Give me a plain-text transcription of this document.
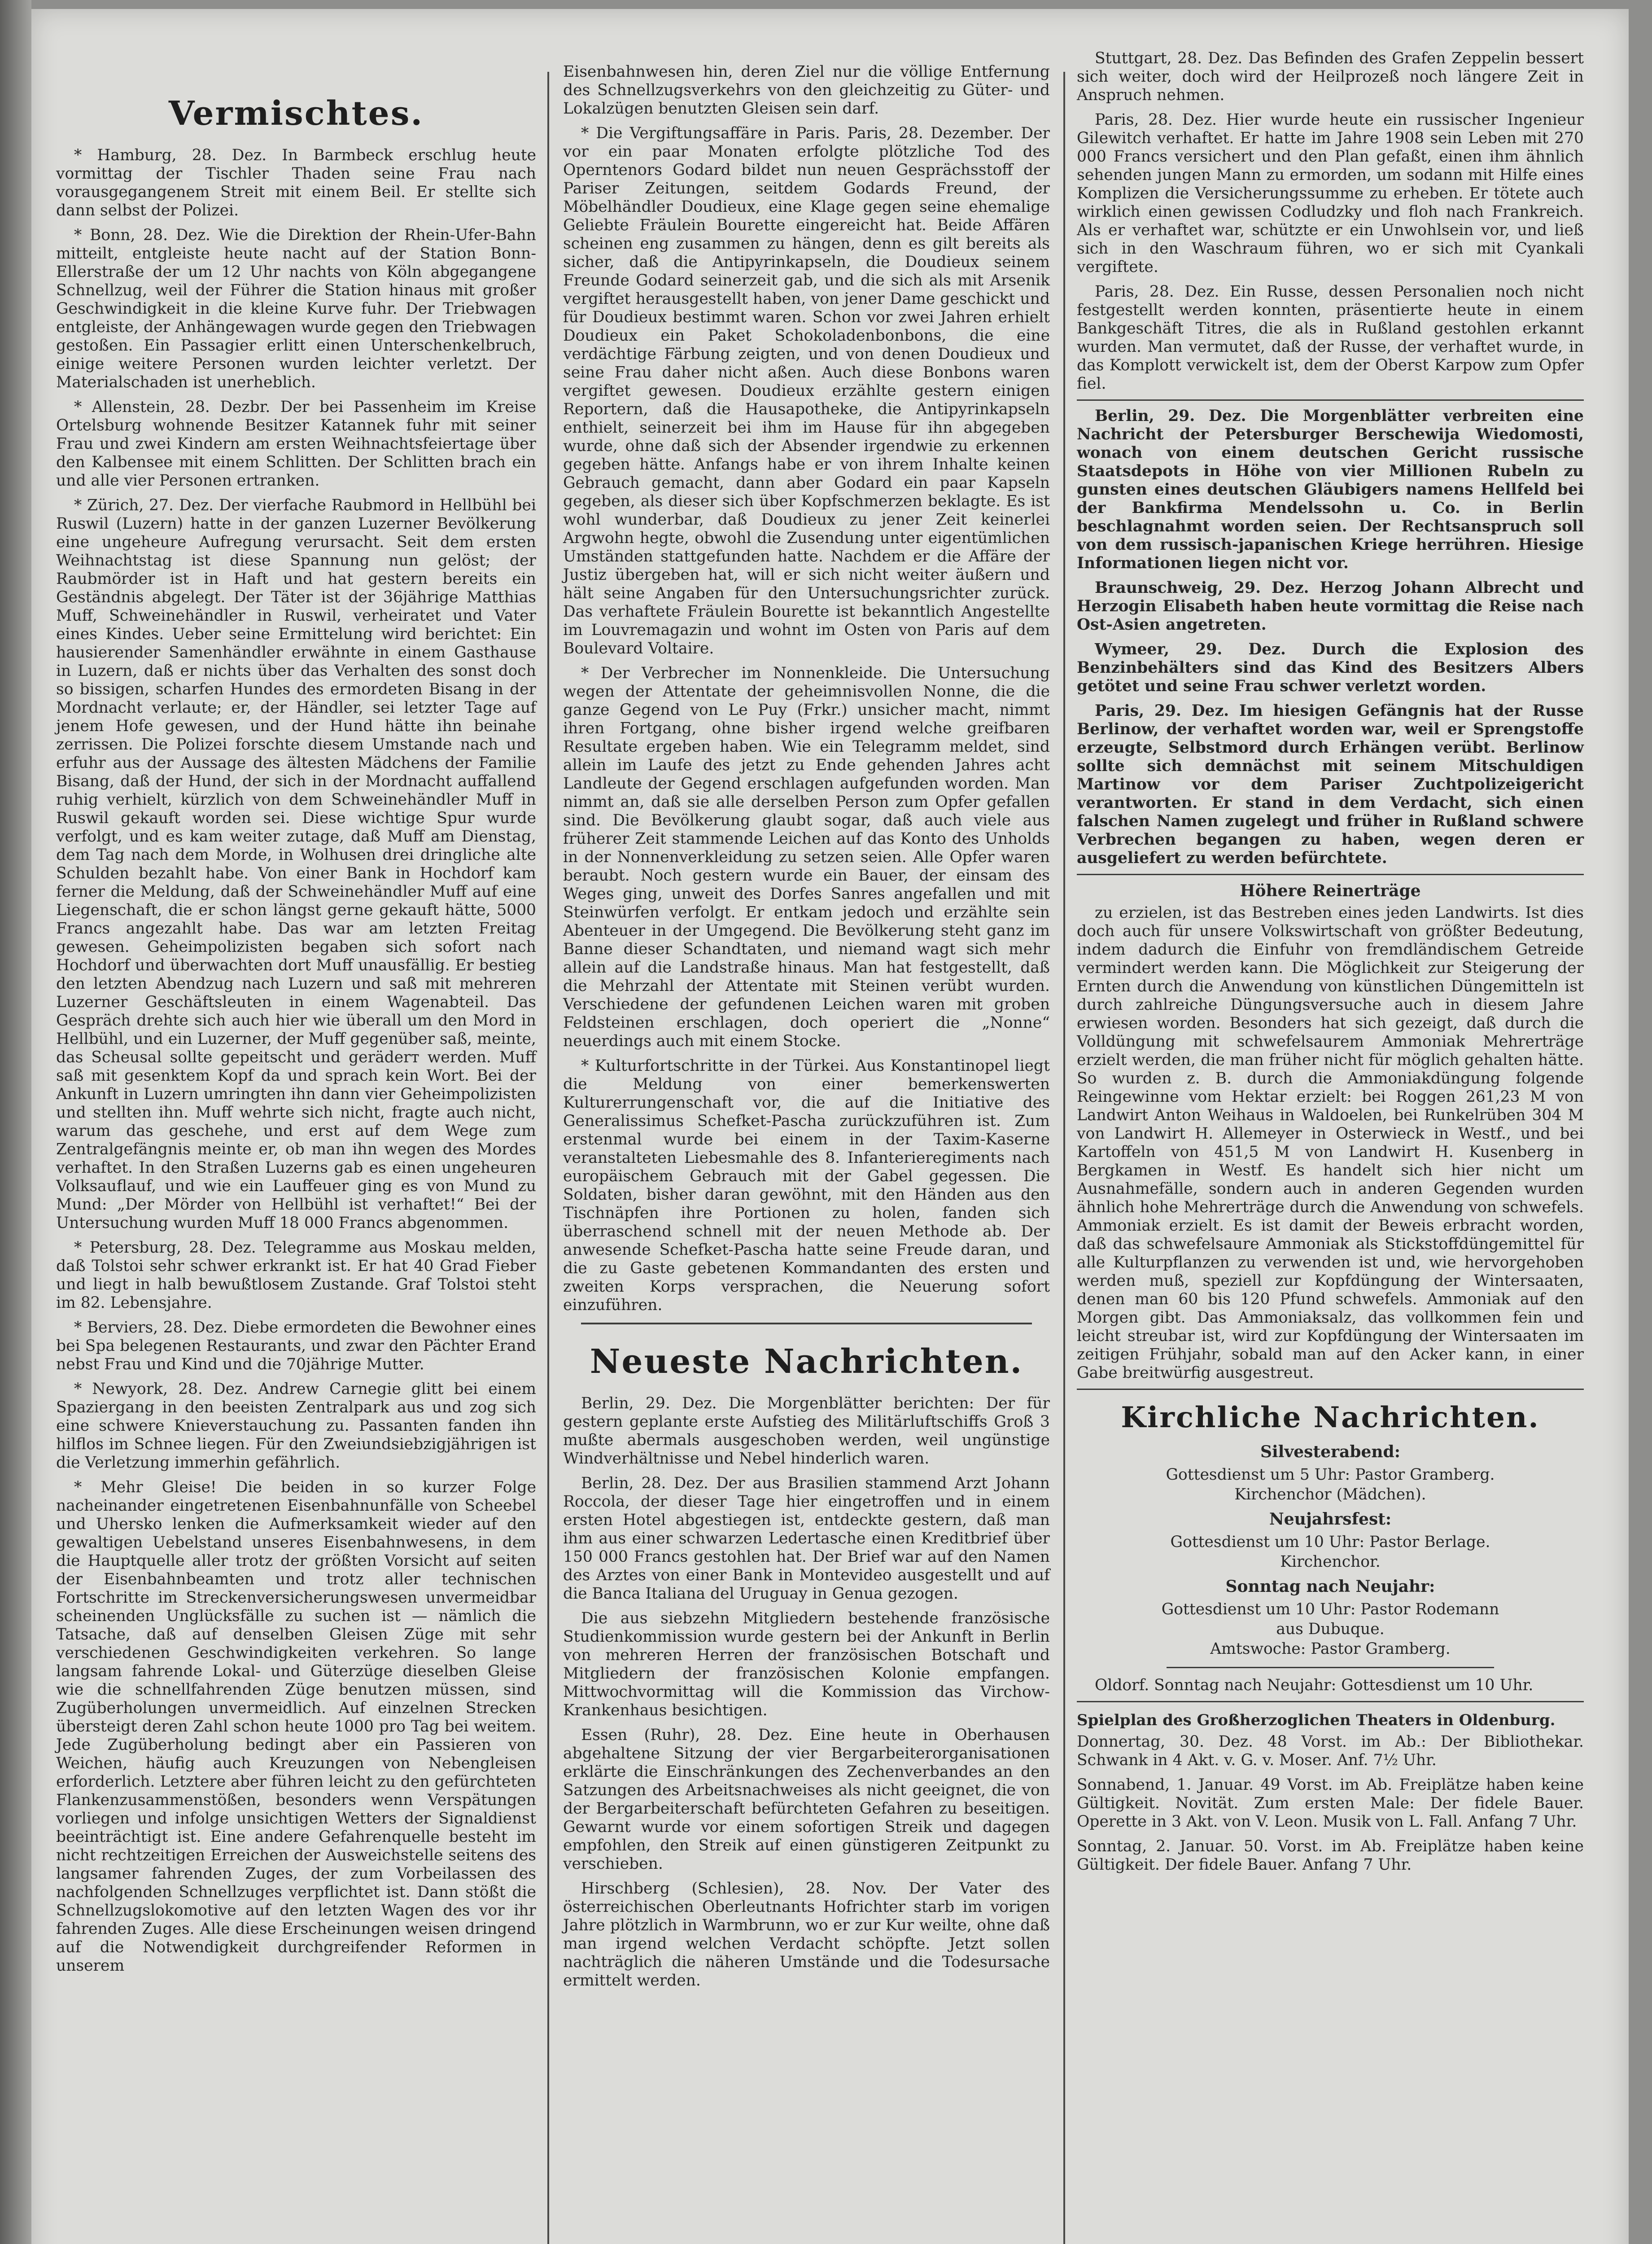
Vermischtes.

* Hamburg, 28. Dez. In Barmbeck erschlug heute vormittag der Tischler Thaden seine Frau nach vorausgegangenem Streit mit einem Beil. Er stellte sich dann selbst der Polizei.

* Bonn, 28. Dez. Wie die Direktion der Rhein-Ufer-Bahn mitteilt, entgleiste heute nacht auf der Station Bonn-Ellerstraße der um 12 Uhr nachts von Köln abgegangene Schnellzug, weil der Führer die Station hinaus mit großer Geschwindigkeit in die kleine Kurve fuhr. Der Triebwagen entgleiste, der Anhängewagen wurde gegen den Triebwagen gestoßen. Ein Passagier erlitt einen Unterschenkelbruch, einige weitere Personen wurden leichter verletzt. Der Materialschaden ist unerheblich.

* Allenstein, 28. Dezbr. Der bei Passenheim im Kreise Ortelsburg wohnende Besitzer Katannek fuhr mit seiner Frau und zwei Kindern am ersten Weihnachtsfeiertage über den Kalbensee mit einem Schlitten. Der Schlitten brach ein und alle vier Personen ertranken.

* Zürich, 27. Dez. Der vierfache Raubmord in Hellbühl bei Ruswil (Luzern) hatte in der ganzen Luzerner Bevölkerung eine ungeheure Aufregung verursacht. Seit dem ersten Weihnachtstag ist diese Spannung nun gelöst; der Raubmörder ist in Haft und hat gestern bereits ein Geständnis abgelegt. Der Täter ist der 36jährige Matthias Muff, Schweinehändler in Ruswil, verheiratet und Vater eines Kindes. Ueber seine Ermittelung wird berichtet: Ein hausierender Samenhändler erwähnte in einem Gasthause in Luzern, daß er nichts über das Verhalten des sonst doch so bissigen, scharfen Hundes des ermordeten Bisang in der Mordnacht verlaute; er, der Händler, sei letzter Tage auf jenem Hofe gewesen, und der Hund hätte ihn beinahe zerrissen. Die Polizei forschte diesem Umstande nach und erfuhr aus der Aussage des ältesten Mädchens der Familie Bisang, daß der Hund, der sich in der Mordnacht auffallend ruhig verhielt, kürzlich von dem Schweinehändler Muff in Ruswil gekauft worden sei. Diese wichtige Spur wurde verfolgt, und es kam weiter zutage, daß Muff am Dienstag, dem Tag nach dem Morde, in Wolhusen drei dringliche alte Schulden bezahlt habe. Von einer Bank in Hochdorf kam ferner die Meldung, daß der Schweinehändler Muff auf eine Liegenschaft, die er schon längst gerne gekauft hätte, 5000 Francs angezahlt habe. Das war am letzten Freitag gewesen. Geheimpolizisten begaben sich sofort nach Hochdorf und überwachten dort Muff unausfällig. Er bestieg den letzten Abendzug nach Luzern und saß mit mehreren Luzerner Geschäftsleuten in einem Wagenabteil. Das Gespräch drehte sich auch hier wie überall um den Mord in Hellbühl, und ein Luzerner, der Muff gegenüber saß, meinte, das Scheusal sollte gepeitscht und geräderт werden. Muff saß mit gesenktem Kopf da und sprach kein Wort. Bei der Ankunft in Luzern umringten ihn dann vier Geheimpolizisten und stellten ihn. Muff wehrte sich nicht, fragte auch nicht, warum das geschehe, und erst auf dem Wege zum Zentralgefängnis meinte er, ob man ihn wegen des Mordes verhaftet. In den Straßen Luzerns gab es einen ungeheuren Volksauflauf, und wie ein Lauffeuer ging es von Mund zu Mund: „Der Mörder von Hellbühl ist verhaftet!“ Bei der Untersuchung wurden Muff 18 000 Francs abgenommen.

* Petersburg, 28. Dez. Telegramme aus Moskau melden, daß Tolstoi sehr schwer erkrankt ist. Er hat 40 Grad Fieber und liegt in halb bewußtlosem Zustande. Graf Tolstoi steht im 82. Lebensjahre.

* Berviers, 28. Dez. Diebe ermordeten die Bewohner eines bei Spa belegenen Restaurants, und zwar den Pächter Erand nebst Frau und Kind und die 70jährige Mutter.

* Newyork, 28. Dez. Andrew Carnegie glitt bei einem Spaziergang in den beeisten Zentralpark aus und zog sich eine schwere Knieverstauchung zu. Passanten fanden ihn hilflos im Schnee liegen. Für den Zweiundsiebzigjährigen ist die Verletzung immerhin gefährlich.

* Mehr Gleise! Die beiden in so kurzer Folge nacheinander eingetretenen Eisenbahnunfälle von Scheebel und Uhersko lenken die Aufmerksamkeit wieder auf den gewaltigen Uebelstand unseres Eisenbahnwesens, in dem die Hauptquelle aller trotz der größten Vorsicht auf seiten der Eisenbahnbeamten und trotz aller technischen Fortschritte im Streckenversicherungswesen unvermeidbar scheinenden Unglücksfälle zu suchen ist — nämlich die Tatsache, daß auf denselben Gleisen Züge mit sehr verschiedenen Geschwindigkeiten verkehren. So lange langsam fahrende Lokal- und Güterzüge dieselben Gleise wie die schnellfahrenden Züge benutzen müssen, sind Zugüberholungen unvermeidlich. Auf einzelnen Strecken übersteigt deren Zahl schon heute 1000 pro Tag bei weitem. Jede Zugüberholung bedingt aber ein Passieren von Weichen, häufig auch Kreuzungen von Nebengleisen erforderlich. Letztere aber führen leicht zu den gefürchteten Flankenzusammenstößen, besonders wenn Verspätungen vorliegen und infolge unsichtigen Wetters der Signaldienst beeinträchtigt ist. Eine andere Gefahrenquelle besteht im nicht rechtzeitigen Erreichen der Ausweichstelle seitens des langsamer fahrenden Zuges, der zum Vorbeilassen des nachfolgenden Schnellzuges verpflichtet ist. Dann stößt die Schnellzugslokomotive auf den letzten Wagen des vor ihr fahrenden Zuges. Alle diese Erscheinungen weisen dringend auf die Notwendigkeit durchgreifender Reformen in unserem

Eisenbahnwesen hin, deren Ziel nur die völlige Entfernung des Schnellzugsverkehrs von den gleichzeitig zu Güter- und Lokalzügen benutzten Gleisen sein darf.

* Die Vergiftungsaffäre in Paris. Paris, 28. Dezember. Der vor ein paar Monaten erfolgte plötzliche Tod des Operntenors Godard bildet nun neuen Gesprächsstoff der Pariser Zeitungen, seitdem Godards Freund, der Möbelhändler Doudieux, eine Klage gegen seine ehemalige Geliebte Fräulein Bourette eingereicht hat. Beide Affären scheinen eng zusammen zu hängen, denn es gilt bereits als sicher, daß die Antipyrinkapseln, die Doudieux seinem Freunde Godard seinerzeit gab, und die sich als mit Arsenik vergiftet herausgestellt haben, von jener Dame geschickt und für Doudieux bestimmt waren. Schon vor zwei Jahren erhielt Doudieux ein Paket Schokoladenbonbons, die eine verdächtige Färbung zeigten, und von denen Doudieux und seine Frau daher nicht aßen. Auch diese Bonbons waren vergiftet gewesen. Doudieux erzählte gestern einigen Reportern, daß die Hausapotheke, die Antipyrinkapseln enthielt, seinerzeit bei ihm im Hause für ihn abgegeben wurde, ohne daß sich der Absender irgendwie zu erkennen gegeben hätte. Anfangs habe er von ihrem Inhalte keinen Gebrauch gemacht, dann aber Godard ein paar Kapseln gegeben, als dieser sich über Kopfschmerzen beklagte. Es ist wohl wunderbar, daß Doudieux zu jener Zeit keinerlei Argwohn hegte, obwohl die Zusendung unter eigentümlichen Umständen stattgefunden hatte. Nachdem er die Affäre der Justiz übergeben hat, will er sich nicht weiter äußern und hält seine Angaben für den Untersuchungsrichter zurück. Das verhaftete Fräulein Bourette ist bekanntlich Angestellte im Louvremagazin und wohnt im Osten von Paris auf dem Boulevard Voltaire.

* Der Verbrecher im Nonnenkleide. Die Untersuchung wegen der Attentate der geheimnisvollen Nonne, die die ganze Gegend von Le Puy (Frkr.) unsicher macht, nimmt ihren Fortgang, ohne bisher irgend welche greifbaren Resultate ergeben haben. Wie ein Telegramm meldet, sind allein im Laufe des jetzt zu Ende gehenden Jahres acht Landleute der Gegend erschlagen aufgefunden worden. Man nimmt an, daß sie alle derselben Person zum Opfer gefallen sind. Die Bevölkerung glaubt sogar, daß auch viele aus früherer Zeit stammende Leichen auf das Konto des Unholds in der Nonnenverkleidung zu setzen seien. Alle Opfer waren beraubt. Noch gestern wurde ein Bauer, der einsam des Weges ging, unweit des Dorfes Sanres angefallen und mit Steinwürfen verfolgt. Er entkam jedoch und erzählte sein Abenteuer in der Umgegend. Die Bevölkerung steht ganz im Banne dieser Schandtaten, und niemand wagt sich mehr allein auf die Landstraße hinaus. Man hat festgestellt, daß die Mehrzahl der Attentate mit Steinen verübt wurden. Verschiedene der gefundenen Leichen waren mit groben Feldsteinen erschlagen, doch operiert die „Nonne“ neuerdings auch mit einem Stocke.

* Kulturfortschritte in der Türkei. Aus Konstantinopel liegt die Meldung von einer bemerkenswerten Kulturerrungenschaft vor, die auf die Initiative des Generalissimus Schefket-Pascha zurückzuführen ist. Zum erstenmal wurde bei einem in der Taxim-Kaserne veranstalteten Liebesmahle des 8. Infanterieregiments nach europäischem Gebrauch mit der Gabel gegessen. Die Soldaten, bisher daran gewöhnt, mit den Händen aus den Tischnäpfen ihre Portionen zu holen, fanden sich überraschend schnell mit der neuen Methode ab. Der anwesende Schefket-Pascha hatte seine Freude daran, und die zu Gaste gebetenen Kommandanten des ersten und zweiten Korps versprachen, die Neuerung sofort einzuführen.

Neueste Nachrichten.

Berlin, 29. Dez. Die Morgenblätter berichten: Der für gestern geplante erste Aufstieg des Militärluftschiffs Groß 3 mußte abermals ausgeschoben werden, weil ungünstige Windverhältnisse und Nebel hinderlich waren.

Berlin, 28. Dez. Der aus Brasilien stammend Arzt Johann Roccola, der dieser Tage hier eingetroffen und in einem ersten Hotel abgestiegen ist, entdeckte gestern, daß man ihm aus einer schwarzen Ledertasche einen Kreditbrief über 150 000 Francs gestohlen hat. Der Brief war auf den Namen des Arztes von einer Bank in Montevideo ausgestellt und auf die Banca Italiana del Uruguay in Genua gezogen.

Die aus siebzehn Mitgliedern bestehende französische Studienkommission wurde gestern bei der Ankunft in Berlin von mehreren Herren der französischen Botschaft und Mitgliedern der französischen Kolonie empfangen. Mittwochvormittag will die Kommission das Virchow-Krankenhaus besichtigen.

Essen (Ruhr), 28. Dez. Eine heute in Oberhausen abgehaltene Sitzung der vier Bergarbeiterorganisationen erklärte die Einschränkungen des Zechenverbandes an den Satzungen des Arbeitsnachweises als nicht geeignet, die von der Bergarbeiterschaft befürchteten Gefahren zu beseitigen. Gewarnt wurde vor einem sofortigen Streik und dagegen empfohlen, den Streik auf einen günstigeren Zeitpunkt zu verschieben.

Hirschberg (Schlesien), 28. Nov. Der Vater des österreichischen Oberleutnants Hofrichter starb im vorigen Jahre plötzlich in Warmbrunn, wo er zur Kur weilte, ohne daß man irgend welchen Verdacht schöpfte. Jetzt sollen nachträglich die näheren Umstände und die Todesursache ermittelt werden.

Stuttgart, 28. Dez. Das Befinden des Grafen Zeppelin bessert sich weiter, doch wird der Heilprozeß noch längere Zeit in Anspruch nehmen.

Paris, 28. Dez. Hier wurde heute ein russischer Ingenieur Gilewitch verhaftet. Er hatte im Jahre 1908 sein Leben mit 270 000 Francs versichert und den Plan gefaßt, einen ihm ähnlich sehenden jungen Mann zu ermorden, um sodann mit Hilfe eines Komplizen die Versicherungssumme zu erheben. Er tötete auch wirklich einen gewissen Codludzky und floh nach Frankreich. Als er verhaftet war, schützte er ein Unwohlsein vor, und ließ sich in den Waschraum führen, wo er sich mit Cyankali vergiftete.

Paris, 28. Dez. Ein Russe, dessen Personalien noch nicht festgestellt werden konnten, präsentierte heute in einem Bankgeschäft Titres, die als in Rußland gestohlen erkannt wurden. Man vermutet, daß der Russe, der verhaftet wurde, in das Komplott verwickelt ist, dem der Oberst Karpow zum Opfer fiel.

Berlin, 29. Dez. Die Morgenblätter verbreiten eine Nachricht der Petersburger Berschewija Wiedomosti, wonach von einem deutschen Gericht russische Staatsdepots in Höhe von vier Millionen Rubeln zu gunsten eines deutschen Gläubigers namens Hellfeld bei der Bankfirma Mendelssohn u. Co. in Berlin beschlagnahmt worden seien. Der Rechtsanspruch soll von dem russisch-japanischen Kriege herrühren. Hiesige Informationen liegen nicht vor.

Braunschweig, 29. Dez. Herzog Johann Albrecht und Herzogin Elisabeth haben heute vormittag die Reise nach Ost-Asien angetreten.

Wymeer, 29. Dez. Durch die Explosion des Benzinbehälters sind das Kind des Besitzers Albers getötet und seine Frau schwer verletzt worden.

Paris, 29. Dez. Im hiesigen Gefängnis hat der Russe Berlinow, der verhaftet worden war, weil er Sprengstoffe erzeugte, Selbstmord durch Erhängen verübt. Berlinow sollte sich demnächst mit seinem Mitschuldigen Martinow vor dem Pariser Zuchtpolizeigericht verantworten. Er stand in dem Verdacht, sich einen falschen Namen zugelegt und früher in Rußland schwere Verbrechen begangen zu haben, wegen deren er ausgeliefert zu werden befürchtete.

Höhere Reinerträge

zu erzielen, ist das Bestreben eines jeden Landwirts. Ist dies doch auch für unsere Volkswirtschaft von größter Bedeutung, indem dadurch die Einfuhr von fremdländischem Getreide vermindert werden kann. Die Möglichkeit zur Steigerung der Ernten durch die Anwendung von künstlichen Düngemitteln ist durch zahlreiche Düngungsversuche auch in diesem Jahre erwiesen worden. Besonders hat sich gezeigt, daß durch die Volldüngung mit schwefelsaurem Ammoniak Mehrerträge erzielt werden, die man früher nicht für möglich gehalten hätte. So wurden z. B. durch die Ammoniakdüngung folgende Reingewinne vom Hektar erzielt: bei Roggen 261,23 M von Landwirt Anton Weihaus in Waldoelen, bei Runkelrüben 304 M von Landwirt H. Allemeyer in Osterwieck in Westf., und bei Kartoffeln von 451,5 M von Landwirt H. Kusenberg in Bergkamen in Westf. Es handelt sich hier nicht um Ausnahmefälle, sondern auch in anderen Gegenden wurden ähnlich hohe Mehrerträge durch die Anwendung von schwefels. Ammoniak erzielt. Es ist damit der Beweis erbracht worden, daß das schwefelsaure Ammoniak als Stickstoffdüngemittel für alle Kulturpflanzen zu verwenden ist und, wie hervorgehoben werden muß, speziell zur Kopfdüngung der Wintersaaten, denen man 60 bis 120 Pfund schwefels. Ammoniak auf den Morgen gibt. Das Ammoniaksalz, das vollkommen fein und leicht streubar ist, wird zur Kopfdüngung der Wintersaaten im zeitigen Frühjahr, sobald man auf den Acker kann, in einer Gabe breitwürfig ausgestreut.

Kirchliche Nachrichten.
Silvesterabend:
Gottesdienst um 5 Uhr: Pastor Gramberg.
Kirchenchor (Mädchen).
Neujahrsfest:
Gottesdienst um 10 Uhr: Pastor Berlage.
Kirchenchor.
Sonntag nach Neujahr:
Gottesdienst um 10 Uhr: Pastor Rodemann
aus Dubuque.
Amtswoche: Pastor Gramberg.

Oldorf. Sonntag nach Neujahr: Gottesdienst um 10 Uhr.

Spielplan des Großherzoglichen Theaters in Oldenburg.

Donnertag, 30. Dez. 48 Vorst. im Ab.: Der Bibliothekar. Schwank in 4 Akt. v. G. v. Moser. Anf. 7½ Uhr.

Sonnabend, 1. Januar. 49 Vorst. im Ab. Freiplätze haben keine Gültigkeit. Novität. Zum ersten Male: Der fidele Bauer. Operette in 3 Akt. von V. Leon. Musik von L. Fall. Anfang 7 Uhr.

Sonntag, 2. Januar. 50. Vorst. im Ab. Freiplätze haben keine Gültigkeit. Der fidele Bauer. Anfang 7 Uhr.
